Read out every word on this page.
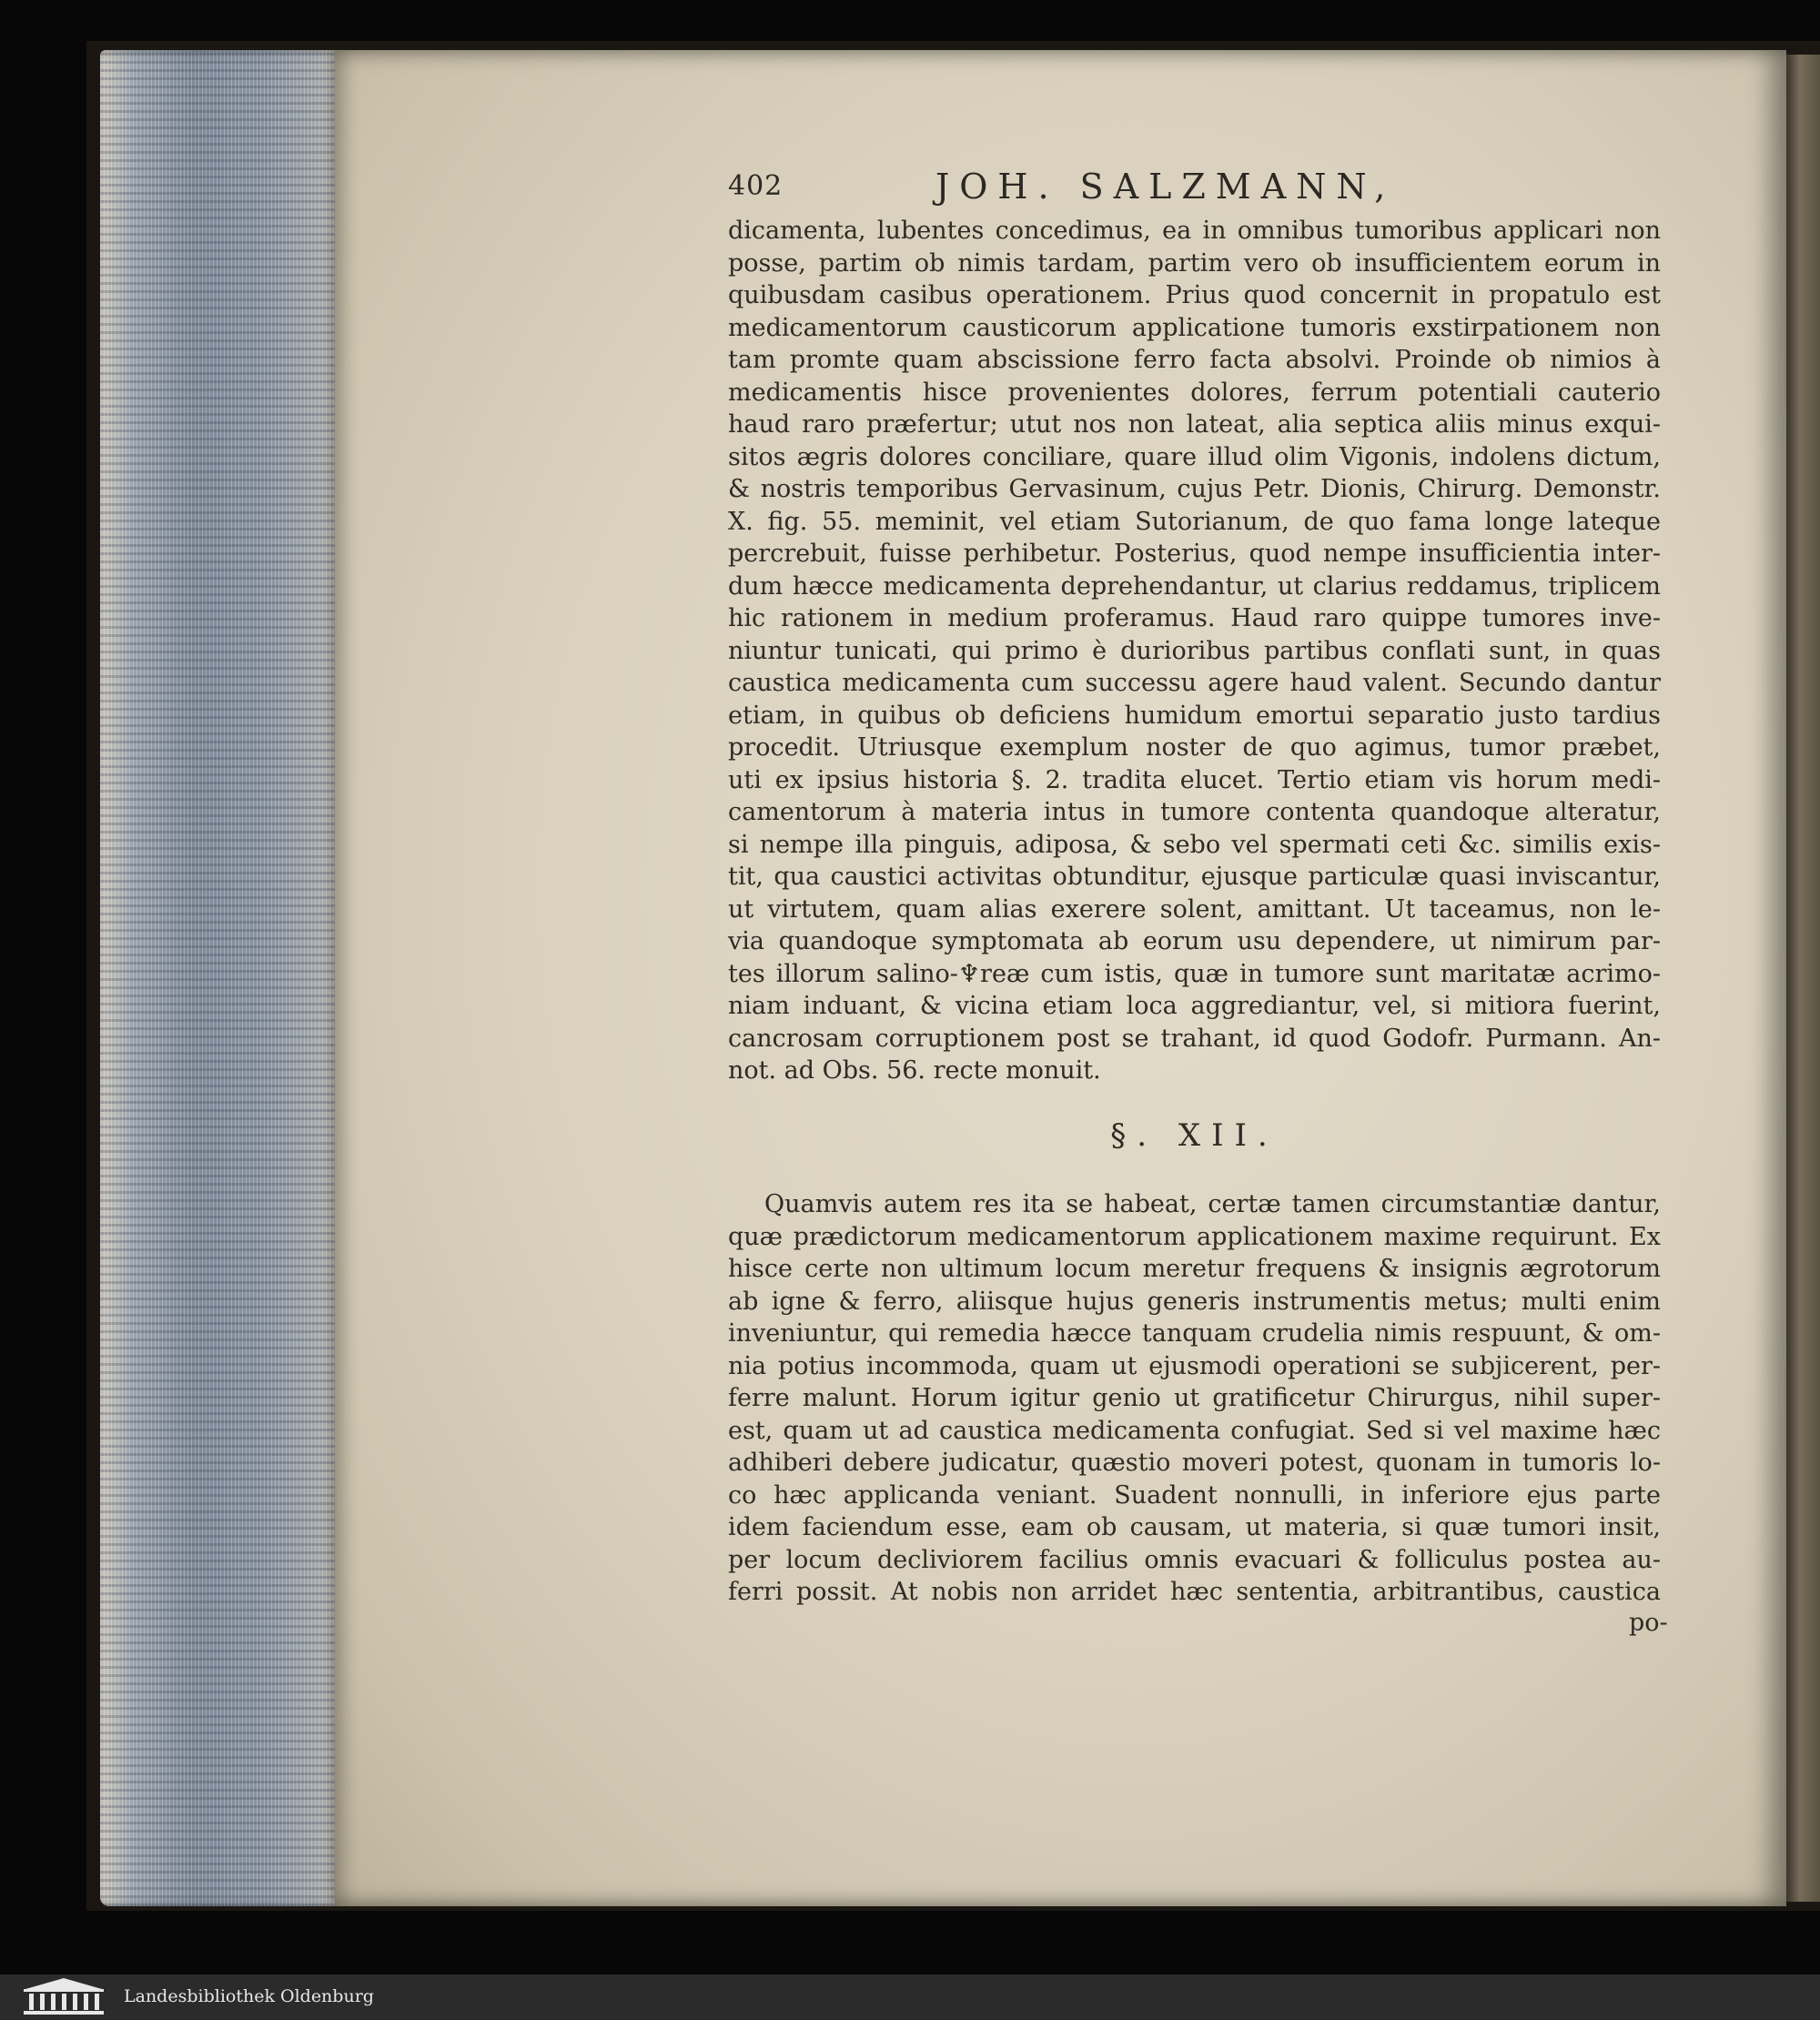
402	JOH. SALZMANN,
dicamenta, lubentes concedimus, ea in omnibus tumoribus applicari non
posse, partim ob nimis tardam, partim vero ob insufficientem eorum in
quibusdam casibus operationem. Prius quod concernit in propatulo est
medicamentorum causticorum applicatione tumoris exstirpationem non
tam promte quam abscissione ferro facta absolvi. Proinde ob nimios à
medicamentis hisce provenientes dolores, ferrum potentiali cauterio
haud raro præfertur; utut nos non lateat, alia septica aliis minus exqui-
sitos ægris dolores conciliare, quare illud olim Vigonis, indolens dictum,
& nostris temporibus Gervasinum, cujus Petr. Dionis, Chirurg. Demonstr.
X. fig. 55. meminit, vel etiam Sutorianum, de quo fama longe lateque
percrebuit, fuisse perhibetur. Posterius, quod nempe insufficientia inter-
dum hæcce medicamenta deprehendantur, ut clarius reddamus, triplicem
hic rationem in medium proferamus. Haud raro quippe tumores inve-
niuntur tunicati, qui primo è durioribus partibus conflati sunt, in quas
caustica medicamenta cum successu agere haud valent. Secundo dantur
etiam, in quibus ob deficiens humidum emortui separatio justo tardius
procedit. Utriusque exemplum noster de quo agimus, tumor præbet,
uti ex ipsius historia §. 2. tradita elucet. Tertio etiam vis horum medi-
camentorum à materia intus in tumore contenta quandoque alteratur,
si nempe illa pinguis, adiposa, & sebo vel spermati ceti &c. similis exis-
tit, qua caustici activitas obtunditur, ejusque particulæ quasi inviscantur,
ut virtutem, quam alias exerere solent, amittant. Ut taceamus, non le-
via quandoque symptomata ab eorum usu dependere, ut nimirum par-
tes illorum salino-♆reæ cum istis, quæ in tumore sunt maritatæ acrimo-
niam induant, & vicina etiam loca aggrediantur, vel, si mitiora fuerint,
cancrosam corruptionem post se trahant, id quod Godofr. Purmann. An-
not. ad Obs. 56. recte monuit.
§. XII.
Quamvis autem res ita se habeat, certæ tamen circumstantiæ dantur,
quæ prædictorum medicamentorum applicationem maxime requirunt. Ex
hisce certe non ultimum locum meretur frequens & insignis ægrotorum
ab igne & ferro, aliisque hujus generis instrumentis metus; multi enim
inveniuntur, qui remedia hæcce tanquam crudelia nimis respuunt, & om-
nia potius incommoda, quam ut ejusmodi operationi se subjicerent, per-
ferre malunt. Horum igitur genio ut gratificetur Chirurgus, nihil super-
est, quam ut ad caustica medicamenta confugiat. Sed si vel maxime hæc
adhiberi debere judicatur, quæstio moveri potest, quonam in tumoris lo-
co hæc applicanda veniant. Suadent nonnulli, in inferiore ejus parte
idem faciendum esse, eam ob causam, ut materia, si quæ tumori insit,
per locum decliviorem facilius omnis evacuari & folliculus postea au-
ferri possit. At nobis non arridet hæc sententia, arbitrantibus, caustica
po-
Landesbibliothek Oldenburg
